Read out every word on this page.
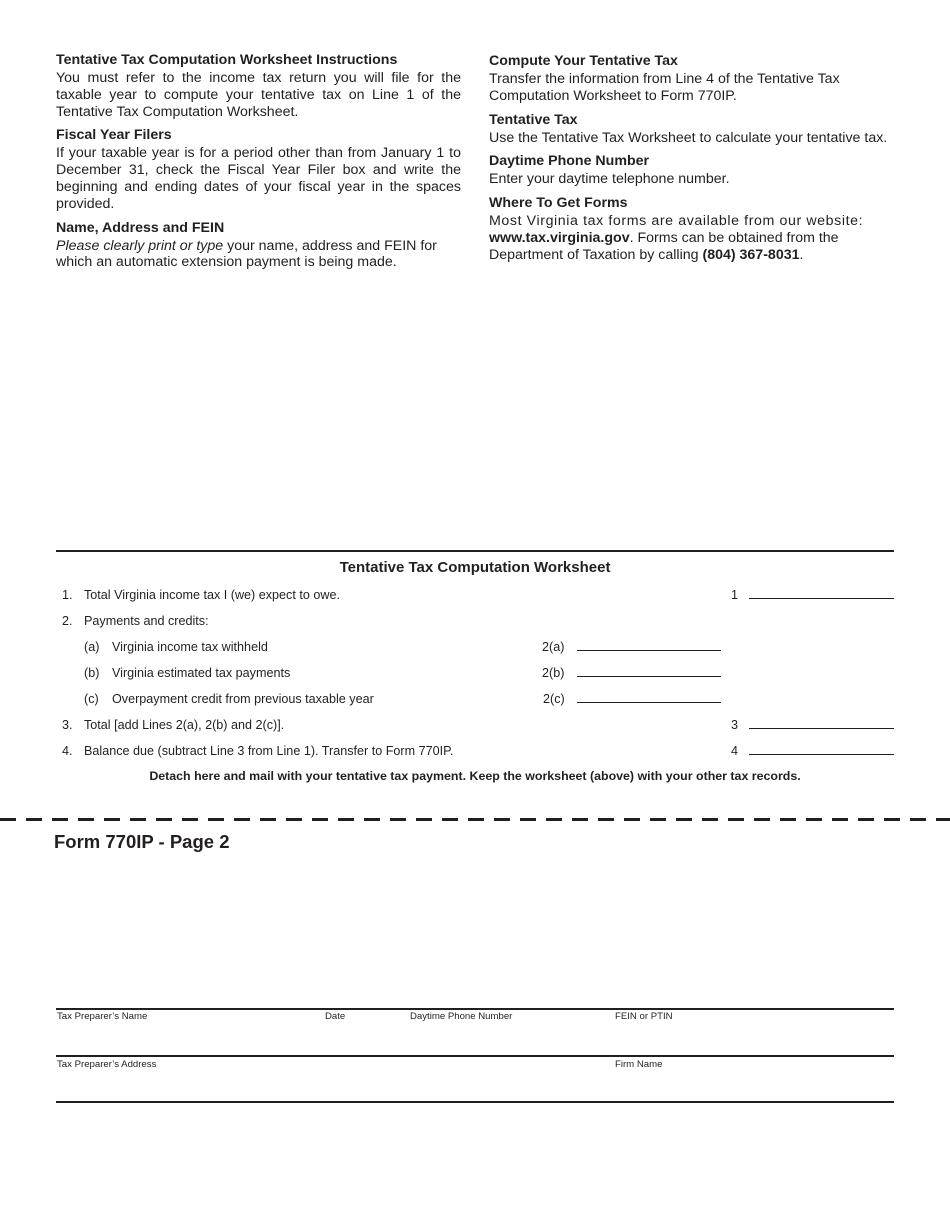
Tentative Tax Computation Worksheet Instructions

You must refer to the income tax return you will file for the taxable year to compute your tentative tax on Line 1 of the Tentative Tax Computation Worksheet.

Fiscal Year Filers

If your taxable year is for a period other than from January 1 to December 31, check the Fiscal Year Filer box and write the beginning and ending dates of your fiscal year in the spaces provided.

Name, Address and FEIN

Please clearly print or type your name, address and FEIN for which an automatic extension payment is being made.

Compute Your Tentative Tax

Transfer the information from Line 4 of the Tentative Tax Computation Worksheet to Form 770IP.

Tentative Tax

Use the Tentative Tax Worksheet to calculate your tentative tax.

Daytime Phone Number

Enter your daytime telephone number.

Where To Get Forms

Most Virginia tax forms are available from our website: www.tax.virginia.gov. Forms can be obtained from the Department of Taxation by calling (804) 367-8031.

Tentative Tax Computation Worksheet
1. Total Virginia income tax I (we) expect to owe.	1
2. Payments and credits:
(a) Virginia income tax withheld	2(a)
(b) Virginia estimated tax payments	2(b)
(c) Overpayment credit from previous taxable year	2(c)
3. Total [add Lines 2(a), 2(b) and 2(c)].	3
4. Balance due (subtract Line 3 from Line 1). Transfer to Form 770IP.	4
Detach here and mail with your tentative tax payment. Keep the worksheet (above) with your other tax records.
Form 770IP - Page 2
Tax Preparer’s Name	Date	Daytime Phone Number	FEIN or PTIN
Tax Preparer’s Address	Firm Name
